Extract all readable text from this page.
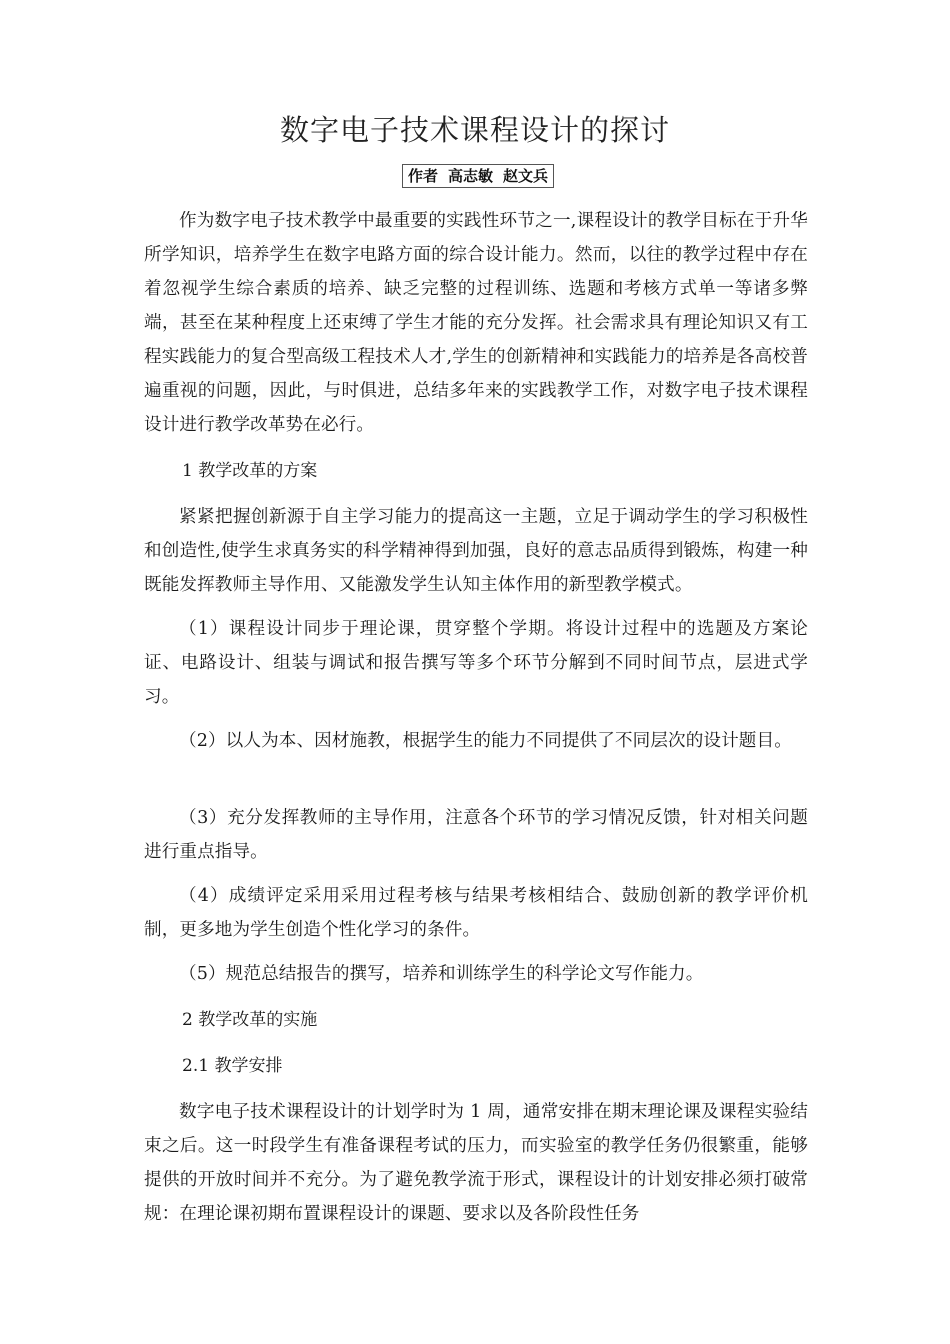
数字电子技术课程设计的探讨
作者 高志敏 赵文兵

作为数字电子技术教学中最重要的实践性环节之一,课程设计的教学目标在于升华所学知识，培养学生在数字电路方面的综合设计能力。然而，以往的教学过程中存在着忽视学生综合素质的培养、缺乏完整的过程训练、选题和考核方式单一等诸多弊端，甚至在某种程度上还束缚了学生才能的充分发挥。社会需求具有理论知识又有工程实践能力的复合型高级工程技术人才,学生的创新精神和实践能力的培养是各高校普遍重视的问题，因此，与时俱进，总结多年来的实践教学工作，对数字电子技术课程设计进行教学改革势在必行。

1 教学改革的方案

紧紧把握创新源于自主学习能力的提高这一主题，立足于调动学生的学习积极性和创造性,使学生求真务实的科学精神得到加强，良好的意志品质得到锻炼，构建一种既能发挥教师主导作用、又能激发学生认知主体作用的新型教学模式。

（1）课程设计同步于理论课，贯穿整个学期。将设计过程中的选题及方案论证、电路设计、组装与调试和报告撰写等多个环节分解到不同时间节点，层进式学习。

（2）以人为本、因材施教，根据学生的能力不同提供了不同层次的设计题目。

（3）充分发挥教师的主导作用，注意各个环节的学习情况反馈，针对相关问题进行重点指导。

（4）成绩评定采用采用过程考核与结果考核相结合、鼓励创新的教学评价机制，更多地为学生创造个性化学习的条件。

（5）规范总结报告的撰写，培养和训练学生的科学论文写作能力。

2 教学改革的实施

2.1 教学安排

数字电子技术课程设计的计划学时为 1 周，通常安排在期末理论课及课程实验结束之后。这一时段学生有准备课程考试的压力，而实验室的教学任务仍很繁重，能够提供的开放时间并不充分。为了避免教学流于形式，课程设计的计划安排必须打破常规：在理论课初期布置课程设计的课题、要求以及各阶段性任务
